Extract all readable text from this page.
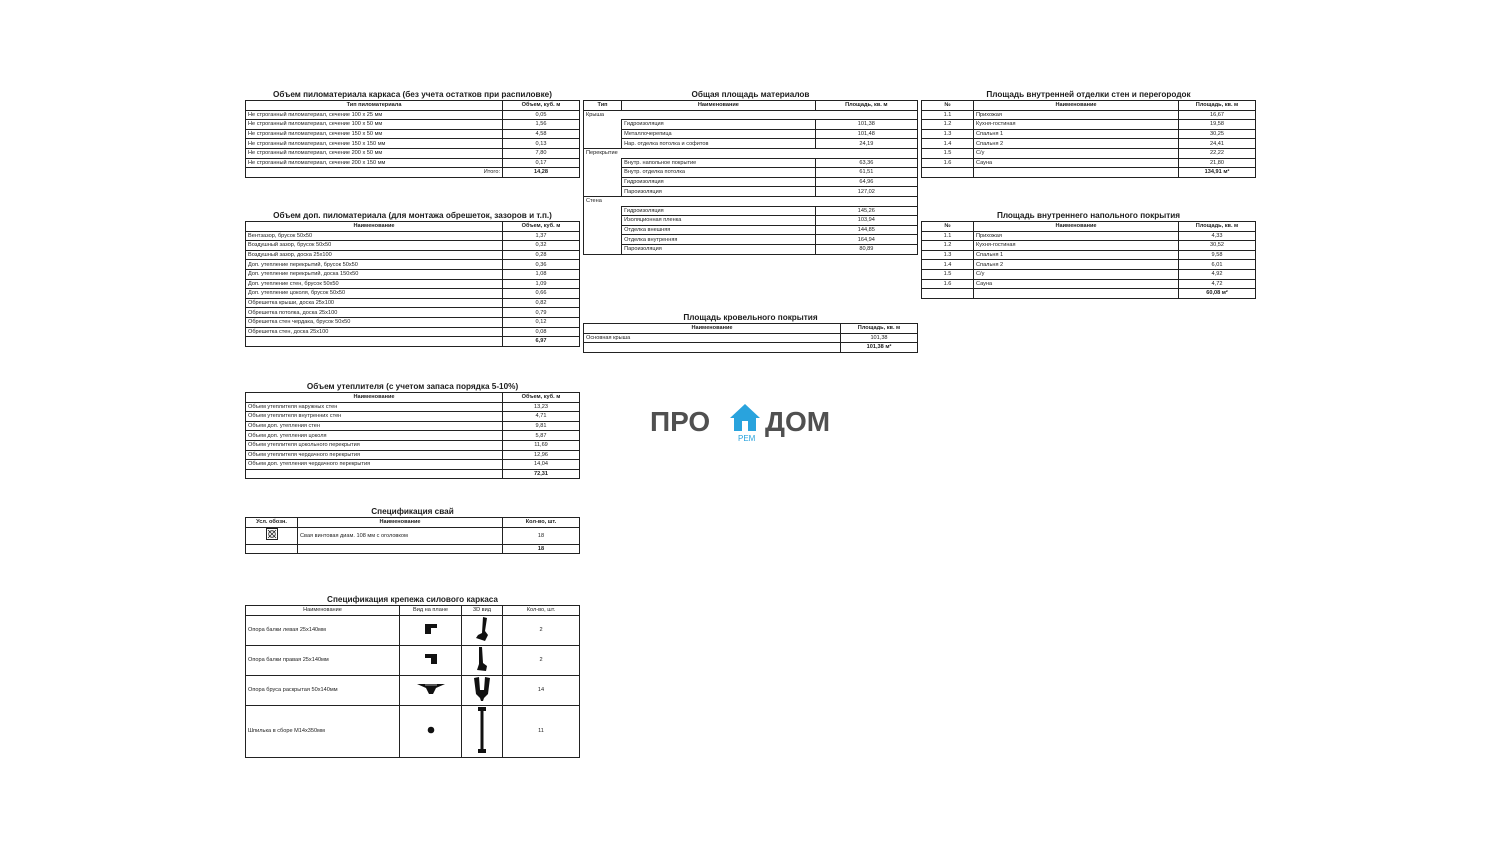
Объем пиломатериала каркаса (без учета остатков при распиловке)
Тип пиломатериала	Объем, куб. м
Не строганный пиломатериал, сечение 100 x 25 мм	0,05
Не строганный пиломатериал, сечение 100 x 50 мм	1,56
Не строганный пиломатериал, сечение 150 x 50 мм	4,58
Не строганный пиломатериал, сечение 150 x 150 мм	0,13
Не строганный пиломатериал, сечение 200 x 50 мм	7,80
Не строганный пиломатериал, сечение 200 x 150 мм	0,17
Итого:	14,28
Объем доп. пиломатериала (для монтажа обрешеток, зазоров и т.п.)
Наименование	Объем, куб. м
Вентзазор, брусок 50x50	1,37
Воздушный зазор, брусок 50x50	0,32
Воздушный зазор, доска 25x100	0,28
Доп. утепление перекрытий, брусок 50x50	0,36
Доп. утепление перекрытий, доска 150x50	1,08
Доп. утепление стен, брусок 50x50	1,09
Доп. утепление цоколя, брусок 50x50	0,66
Обрешетка крыши, доска 25x100	0,82
Обрешетка потолка, доска 25x100	0,79
Обрешетка стен чердака, брусок 50x50	0,12
Обрешетка стен, доска 25x100	0,08
	6,97
Объем утеплителя (с учетом запаса порядка 5-10%)
Наименование	Объем, куб. м
Объем утеплителя наружных стен	13,23
Объем утеплителя внутренних стен	4,71
Объем доп. утепления стен	9,81
Объем доп. утепления цоколя	5,87
Объем утеплителя цокольного перекрытия	11,69
Объем утеплителя чердачного перекрытия	12,96
Объем доп. утепления чердачного перекрытия	14,04
	72,31
Спецификация свай
Усл. обозн.	Наименование	Кол-во, шт.
	Свая винтовая диам. 108 мм с оголовком	18
		18
Спецификация крепежа силового каркаса
Наименование	Вид на плане	3D вид	Кол-во, шт.
Опора балки левая 25x140мм			2
Опора балки правая 25x140мм			2
Опора бруса раскрытая 50x140мм			14
Шпилька в сборе М14x350мм			11
Общая площадь материалов
Тип	Наименование	Площадь, кв. м
Крыша		
	Гидроизоляция	101,38
	Металлочерепица	101,48
	Нар. отделка потолка и софитов	24,19
Перекрытие		
	Внутр. напольное покрытие	63,36
	Внутр. отделка потолка	61,51
	Гидроизоляция	64,96
	Пароизоляция	127,02
Стена		
	Гидроизоляция	145,26
	Изоляционная пленка	103,94
	Отделка внешняя	144,85
	Отделка внутренняя	164,94
	Пароизоляция	80,89
Площадь кровельного покрытия
Наименование	Площадь, кв. м
Основная крыша	101,38
	101,38 м²
Площадь внутренней отделки стен и перегородок
№	Наименование	Площадь, кв. м
1.1	Прихожая	16,67
1.2	Кухня-гостиная	19,58
1.3	Спальня 1	30,25
1.4	Спальня 2	24,41
1.5	С/у	22,22
1.6	Сауна	21,80
		134,91 м²
Площадь внутреннего напольного покрытия
№	Наименование	Площадь, кв. м
1.1	Прихожая	4,33
1.2	Кухня-гостиная	30,52
1.3	Спальня 1	9,58
1.4	Спальня 2	6,01
1.5	С/у	4,92
1.6	Сауна	4,72
		60,08 м²
ПРО
РЕМ
ДОМ
